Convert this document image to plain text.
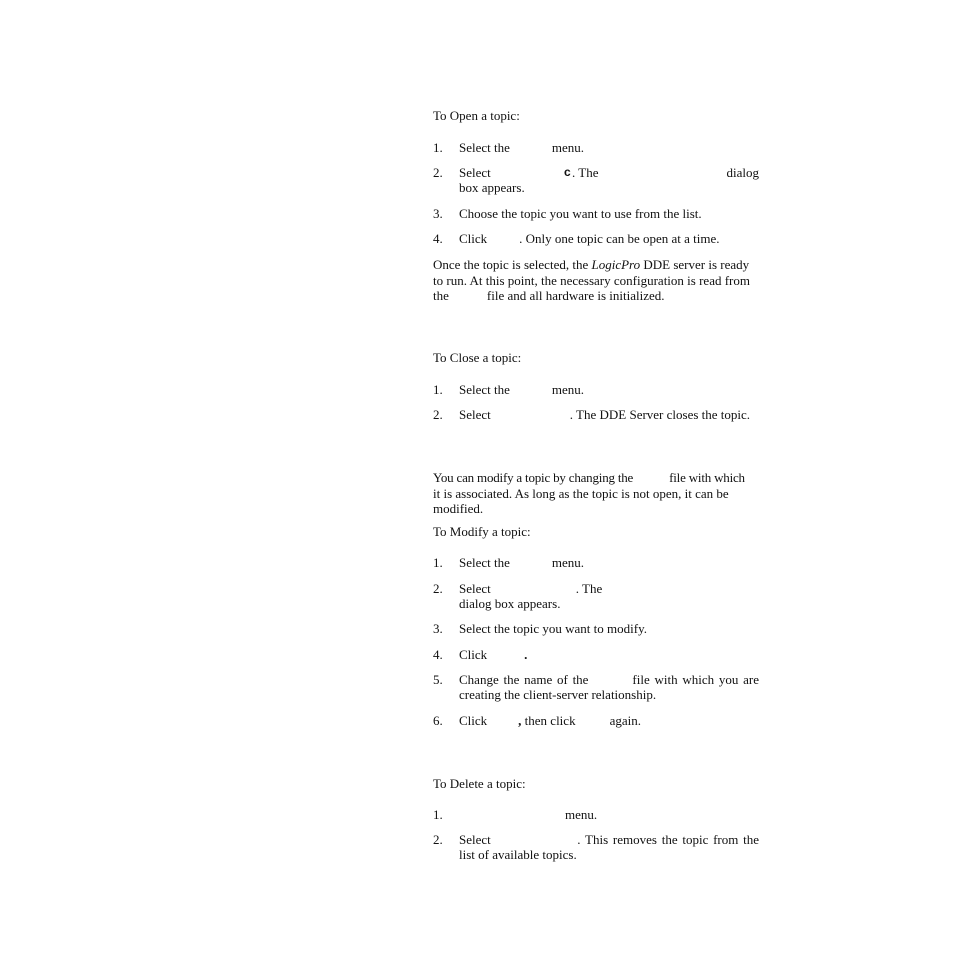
To Open a topic:
1. Select the	menu.
2. Select	c . The	dialog
box appears.
3. Choose the topic you want to use from the list.
4. Click . Only one topic can be open at a time.
Once the topic is selected, the LogicPro DDE server is ready
to run. At this point, the necessary configuration is read from
the	file and all hardware is initialized.
To Close a topic:
1. Select the	menu.
2. Select	. The DDE Server closes the topic.
You can modify a topic by changing the	file with which
it is associated. As long as the topic is not open, it can be
modified.
To Modify a topic:
1. Select the	menu.
2. Select	. The
dialog box appears.
3. Select the topic you want to modify.
4. Click	.
5. Change the name of the	file with which you are
creating the client-server relationship.
6. Click , then click	again.
To Delete a topic:
1.	menu.
2. Select	. This removes the topic from the
list of available topics.
